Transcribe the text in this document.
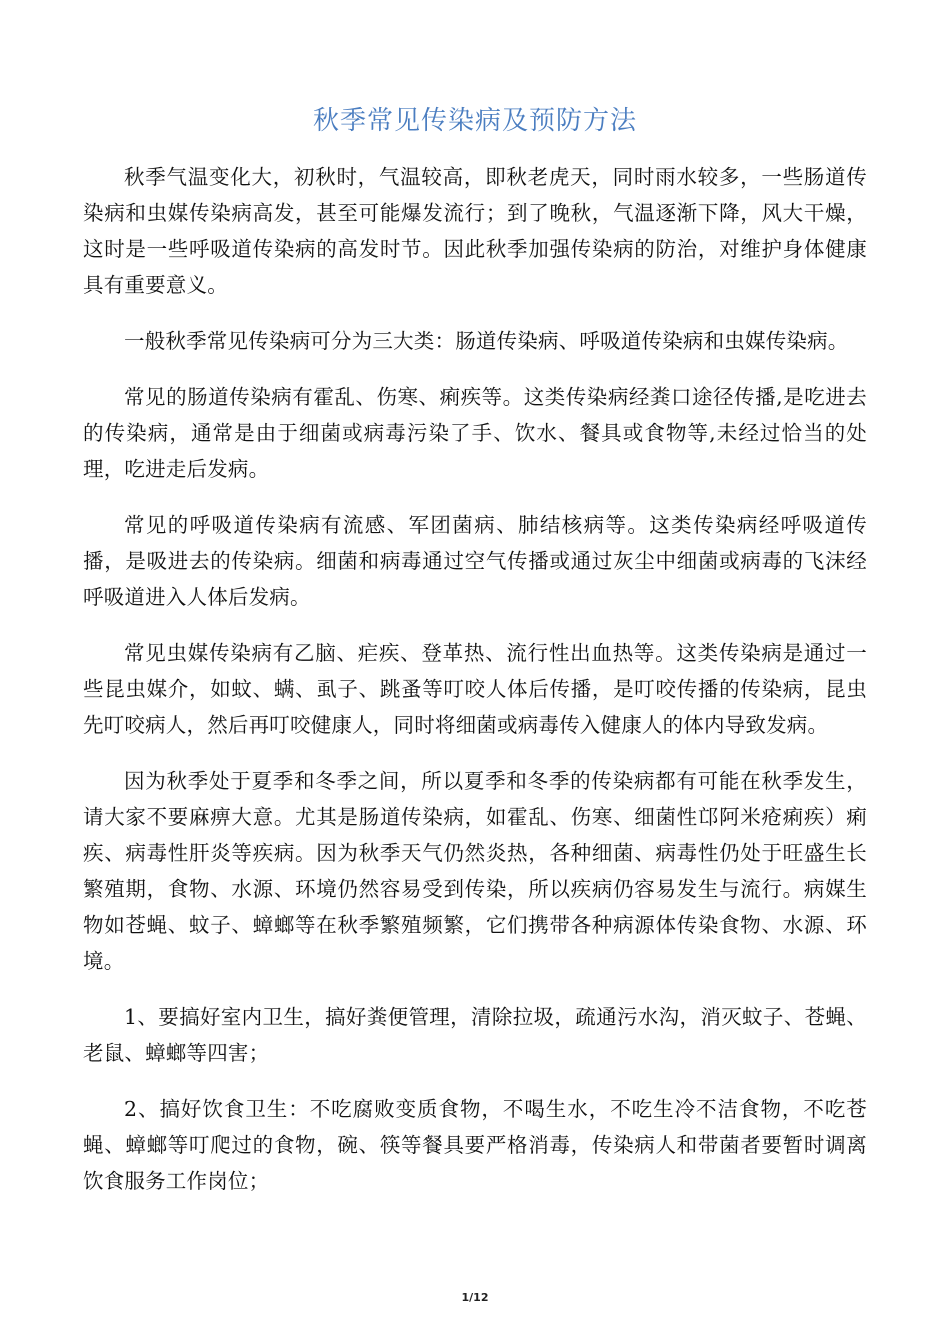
秋季常见传染病及预防方法

秋季气温变化大，初秋时，气温较高，即秋老虎天，同时雨水较多，一些肠道传染病和虫媒传染病高发，甚至可能爆发流行；到了晚秋，气温逐渐下降，风大干燥，这时是一些呼吸道传染病的高发时节。因此秋季加强传染病的防治，对维护身体健康具有重要意义。

一般秋季常见传染病可分为三大类：肠道传染病、呼吸道传染病和虫媒传染病。

常见的肠道传染病有霍乱、伤寒、痢疾等。这类传染病经粪口途径传播,是吃进去的传染病，通常是由于细菌或病毒污染了手、饮水、餐具或食物等,未经过恰当的处理，吃进走后发病。

常见的呼吸道传染病有流感、军团菌病、肺结核病等。这类传染病经呼吸道传播，是吸进去的传染病。细菌和病毒通过空气传播或通过灰尘中细菌或病毒的飞沫经呼吸道进入人体后发病。

常见虫媒传染病有乙脑、疟疾、登革热、流行性出血热等。这类传染病是通过一些昆虫媒介，如蚊、螨、虱子、跳蚤等叮咬人体后传播，是叮咬传播的传染病，昆虫先叮咬病人，然后再叮咬健康人，同时将细菌或病毒传入健康人的体内导致发病。

因为秋季处于夏季和冬季之间，所以夏季和冬季的传染病都有可能在秋季发生，请大家不要麻痹大意。尤其是肠道传染病，如霍乱、伤寒、细菌性邙阿米疮痢疾）痢疾、病毒性肝炎等疾病。因为秋季天气仍然炎热，各种细菌、病毒性仍处于旺盛生长繁殖期，食物、水源、环境仍然容易受到传染，所以疾病仍容易发生与流行。病媒生物如苍蝇、蚊子、蟑螂等在秋季繁殖频繁，它们携带各种病源体传染食物、水源、环境。

1、要搞好室内卫生，搞好粪便管理，清除拉圾，疏通污水沟，消灭蚊子、苍蝇、老鼠、蟑螂等四害；

2、搞好饮食卫生：不吃腐败变质食物，不喝生水，不吃生冷不洁食物，不吃苍蝇、蟑螂等叮爬过的食物，碗、筷等餐具要严格消毒，传染病人和带菌者要暂时调离饮食服务工作岗位；

1/12
